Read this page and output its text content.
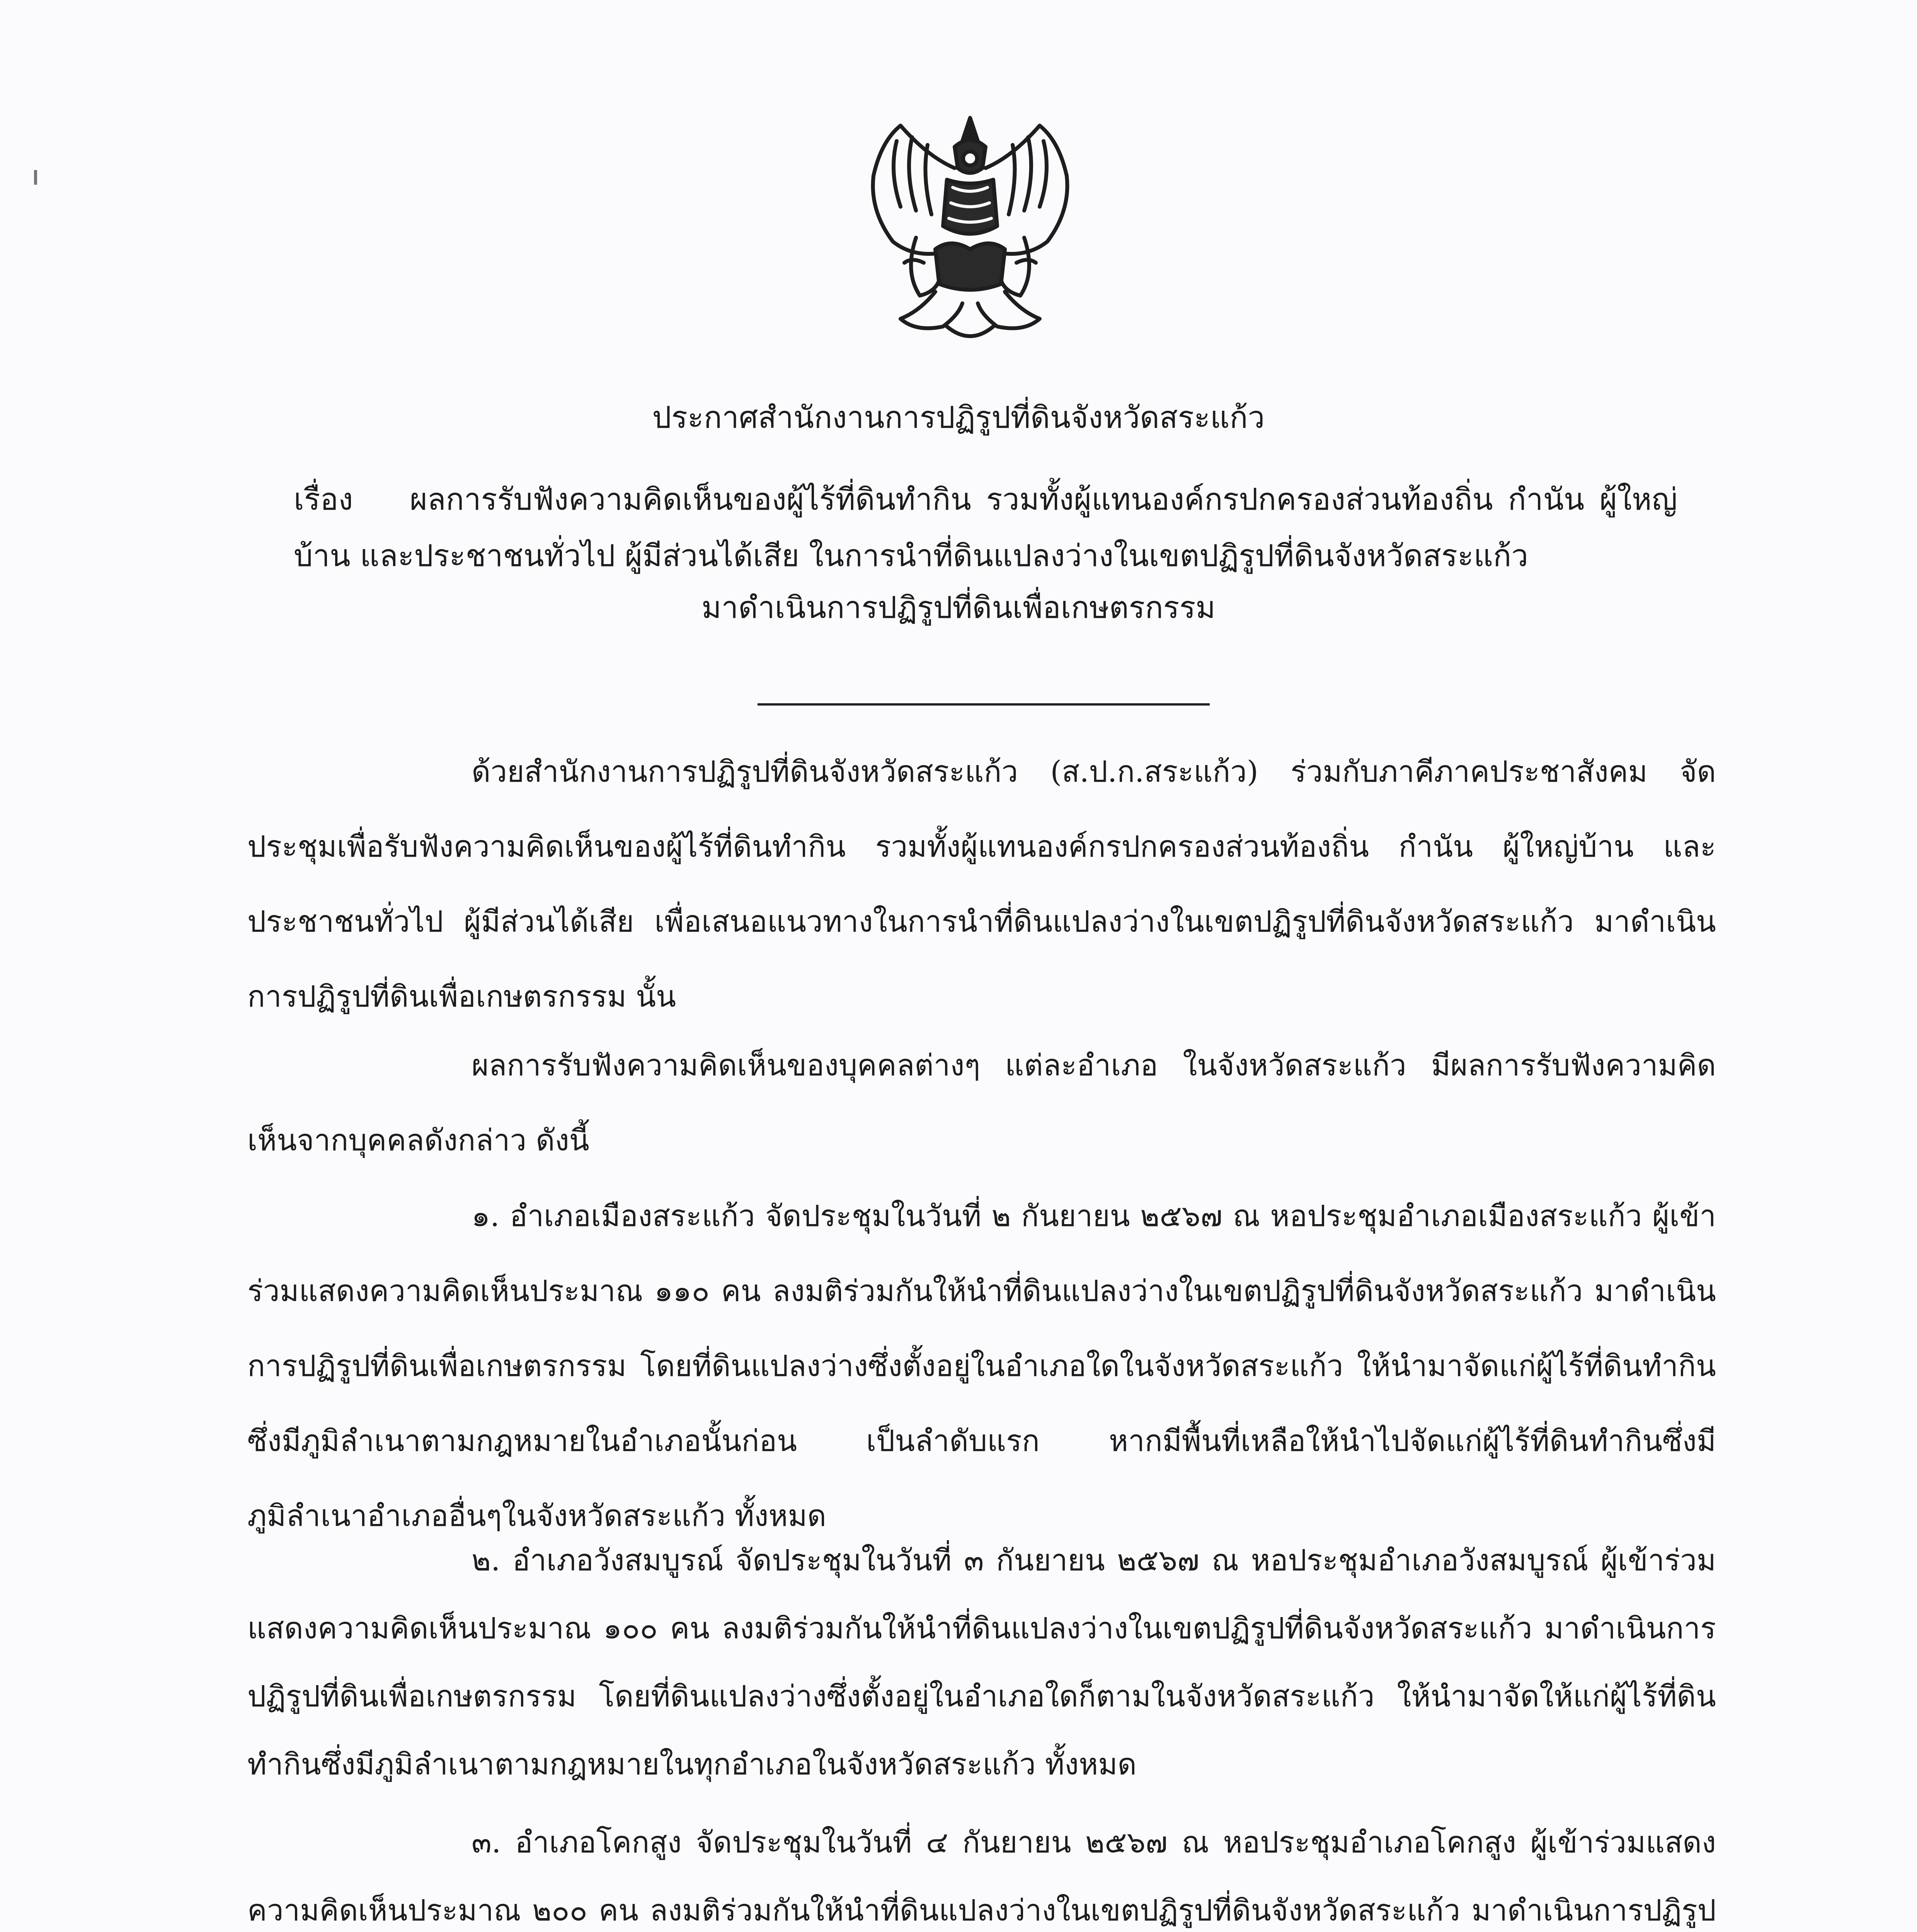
ประกาศสำนักงานการปฏิรูปที่ดินจังหวัดสระแก้ว
เรื่อง ผลการรับฟังความคิดเห็นของผู้ไร้ที่ดินทำกิน รวมทั้งผู้แทนองค์กรปกครองส่วนท้องถิ่น กำนัน ผู้ใหญ่บ้าน และประชาชนทั่วไป ผู้มีส่วนได้เสีย ในการนำที่ดินแปลงว่างในเขตปฏิรูปที่ดินจังหวัดสระแก้ว
มาดำเนินการปฏิรูปที่ดินเพื่อเกษตรกรรม
ด้วยสำนักงานการปฏิรูปที่ดินจังหวัดสระแก้ว (ส.ป.ก.สระแก้ว) ร่วมกับภาคีภาคประชาสังคม จัดประชุมเพื่อรับฟังความคิดเห็นของผู้ไร้ที่ดินทำกิน รวมทั้งผู้แทนองค์กรปกครองส่วนท้องถิ่น กำนัน ผู้ใหญ่บ้าน และประชาชนทั่วไป ผู้มีส่วนได้เสีย เพื่อเสนอแนวทางในการนำที่ดินแปลงว่างในเขตปฏิรูปที่ดินจังหวัดสระแก้ว มาดำเนินการปฏิรูปที่ดินเพื่อเกษตรกรรม นั้น
ผลการรับฟังความคิดเห็นของบุคคลต่างๆ แต่ละอำเภอ ในจังหวัดสระแก้ว มีผลการรับฟังความคิดเห็นจากบุคคลดังกล่าว ดังนี้
๑. อำเภอเมืองสระแก้ว จัดประชุมในวันที่ ๒ กันยายน ๒๕๖๗ ณ หอประชุมอำเภอเมืองสระแก้ว ผู้เข้าร่วมแสดงความคิดเห็นประมาณ ๑๑๐ คน ลงมติร่วมกันให้นำที่ดินแปลงว่างในเขตปฏิรูปที่ดินจังหวัดสระแก้ว มาดำเนินการปฏิรูปที่ดินเพื่อเกษตรกรรม โดยที่ดินแปลงว่างซึ่งตั้งอยู่ในอำเภอใดในจังหวัดสระแก้ว ให้นำมาจัดแก่ผู้ไร้ที่ดินทำกินซึ่งมีภูมิลำเนาตามกฎหมายในอำเภอนั้นก่อน เป็นลำดับแรก หากมีพื้นที่เหลือให้นำไปจัดแก่ผู้ไร้ที่ดินทำกินซึ่งมีภูมิลำเนาอำเภออื่นๆในจังหวัดสระแก้ว ทั้งหมด
๒. อำเภอวังสมบูรณ์ จัดประชุมในวันที่ ๓ กันยายน ๒๕๖๗ ณ หอประชุมอำเภอวังสมบูรณ์ ผู้เข้าร่วมแสดงความคิดเห็นประมาณ ๑๐๐ คน ลงมติร่วมกันให้นำที่ดินแปลงว่างในเขตปฏิรูปที่ดินจังหวัดสระแก้ว มาดำเนินการปฏิรูปที่ดินเพื่อเกษตรกรรม โดยที่ดินแปลงว่างซึ่งตั้งอยู่ในอำเภอใดก็ตามในจังหวัดสระแก้ว ให้นำมาจัดให้แก่ผู้ไร้ที่ดินทำกินซึ่งมีภูมิลำเนาตามกฎหมายในทุกอำเภอในจังหวัดสระแก้ว ทั้งหมด
๓. อำเภอโคกสูง จัดประชุมในวันที่ ๔ กันยายน ๒๕๖๗ ณ หอประชุมอำเภอโคกสูง ผู้เข้าร่วมแสดงความคิดเห็นประมาณ ๒๐๐ คน ลงมติร่วมกันให้นำที่ดินแปลงว่างในเขตปฏิรูปที่ดินจังหวัดสระแก้ว มาดำเนินการปฏิรูป
